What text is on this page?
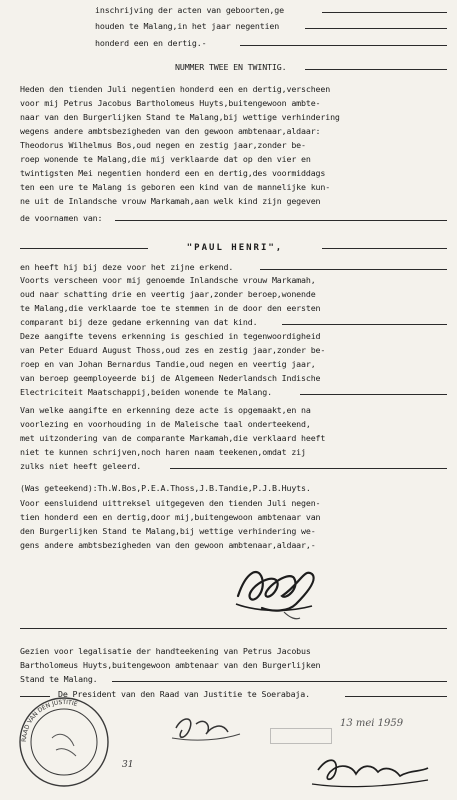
inschrijving der acten van geboorten,ge
houden te Malang,in het jaar negentien
honderd een en dertig.-
NUMMER TWEE EN TWINTIG.
Heden den tienden Juli negentien honderd een en dertig,verscheen
voor mij Petrus Jacobus Bartholomeus Huyts,buitengewoon ambte-
naar van den Burgerlijken Stand te Malang,bij wettige verhindering
wegens andere ambtsbezigheden van den gewoon ambtenaar,aldaar:
Theodorus Wilhelmus Bos,oud negen en zestig jaar,zonder be-
roep wonende te Malang,die mij verklaarde dat op den vier en
twintigsten Mei negentien honderd een en dertig,des voormiddags
ten een ure te Malang is geboren een kind van de mannelijke kun-
ne uit de Inlandsche vrouw Markamah,aan welk kind zijn gegeven
de voornamen van:
en heeft hij bij deze voor het zijne erkend.
Voorts verscheen voor mij genoemde Inlandsche vrouw Markamah,
oud naar schatting drie en veertig jaar,zonder beroep,wonende
te Malang,die verklaarde toe te stemmen in de door den eersten
comparant bij deze gedane erkenning van dat kind.
Deze aangifte tevens erkenning is geschied in tegenwoordigheid
van Peter Eduard August Thoss,oud zes en zestig jaar,zonder be-
roep en van Johan Bernardus Tandie,oud negen en veertig jaar,
van beroep geemployeerde bij de Algemeen Nederlandsch Indische
Electriciteit Maatschappij,beiden wonende te Malang.
Van welke aangifte en erkenning deze acte is opgemaakt,en na
voorlezing en voorhouding in de Maleische taal onderteekend,
met uitzondering van de comparante Markamah,die verklaard heeft
niet te kunnen schrijven,noch haren naam teekenen,omdat zij
zulks niet heeft geleerd.
(Was geteekend):Th.W.Bos,P.E.A.Thoss,J.B.Tandie,P.J.B.Huyts.
Voor eensluidend uittreksel uitgegeven den tienden Juli negen-
tien honderd een en dertig,door mij,buitengewoon ambtenaar van
den Burgerlijken Stand te Malang,bij wettige verhindering we-
gens andere ambtsbezigheden van den gewoon ambtenaar,aldaar,-
Gezien voor legalisatie der handteekening van Petrus Jacobus
Bartholomeus Huyts,buitengewoon ambtenaar van den Burgerlijken
Stand te Malang.
De President van den Raad van Justitie te Soerabaja.
"PAUL HENRI",
RAAD VAN DEN JUSTITIE
31
13 mei 1959
